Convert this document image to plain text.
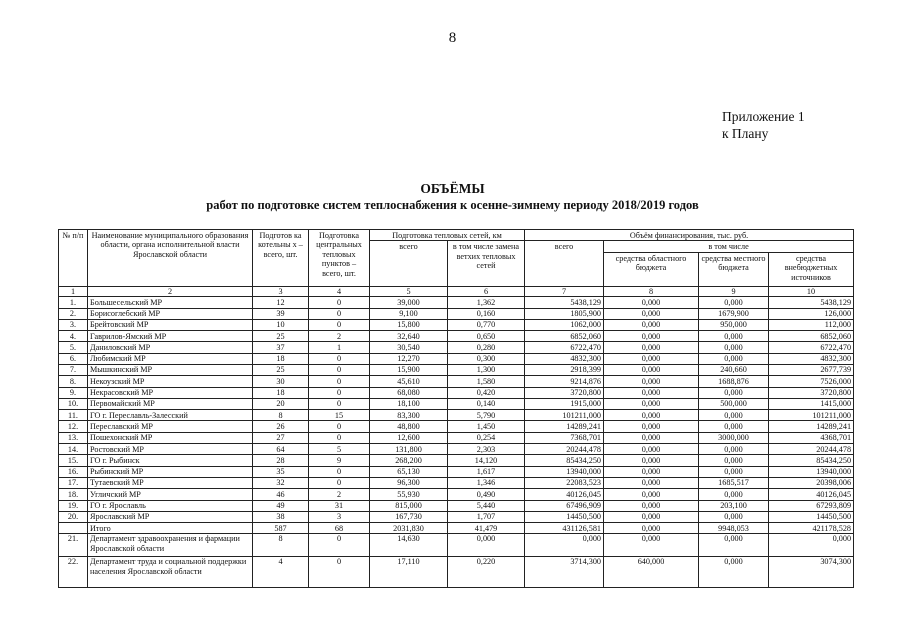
8
Приложение 1
к Плану
ОБЪЁМЫ
работ по подготовке систем теплоснабжения к осенне-зимнему периоду 2018/2019 годов
№ п/п	Наименование муниципального образования области, органа исполнительной власти Ярославской области	Подготов ка котельны х – всего, шт.	Подготовка центральных тепловых пунктов – всего, шт.	Подготовка тепловых сетей, км		Объём финансирования, тыс. руб.			
				всего	в том числе замена ветхих тепловых сетей	всего	в том числе		
							средства областного бюджета	средства местного бюджета	средства внебюджетных источников
1	2	3	4	5	6	7	8	9	10
1.	Большесельский МР	12	0	39,000	1,362	5438,129	0,000	0,000	5438,129
2.	Борисоглебский МР	39	0	9,100	0,160	1805,900	0,000	1679,900	126,000
3.	Брейтовский МР	10	0	15,800	0,770	1062,000	0,000	950,000	112,000
4.	Гаврилов-Ямский МР	25	2	32,640	0,650	6852,060	0,000	0,000	6852,060
5.	Даниловский МР	37	1	30,540	0,280	6722,470	0,000	0,000	6722,470
6.	Любимский МР	18	0	12,270	0,300	4832,300	0,000	0,000	4832,300
7.	Мышкинский МР	25	0	15,900	1,300	2918,399	0,000	240,660	2677,739
8.	Некоузский МР	30	0	45,610	1,580	9214,876	0,000	1688,876	7526,000
9.	Некрасовский МР	18	0	68,080	0,420	3720,800	0,000	0,000	3720,800
10.	Первомайский МР	20	0	18,100	0,140	1915,000	0,000	500,000	1415,000
11.	ГО г. Переславль-Залесский	8	15	83,300	5,790	101211,000	0,000	0,000	101211,000
12.	Переславский МР	26	0	48,800	1,450	14289,241	0,000	0,000	14289,241
13.	Пошехонский МР	27	0	12,600	0,254	7368,701	0,000	3000,000	4368,701
14.	Ростовский МР	64	5	131,800	2,303	20244,478	0,000	0,000	20244,478
15.	ГО г. Рыбинск	28	9	268,200	14,120	85434,250	0,000	0,000	85434,250
16.	Рыбинский МР	35	0	65,130	1,617	13940,000	0,000	0,000	13940,000
17.	Тутаевский МР	32	0	96,300	1,346	22083,523	0,000	1685,517	20398,006
18.	Угличский МР	46	2	55,930	0,490	40126,045	0,000	0,000	40126,045
19.	ГО г. Ярославль	49	31	815,000	5,440	67496,909	0,000	203,100	67293,809
20.	Ярославский МР	38	3	167,730	1,707	14450,500	0,000	0,000	14450,500
	Итого	587	68	2031,830	41,479	431126,581	0,000	9948,053	421178,528
21.	Департамент здравоохранения и фармации Ярославской области	8	0	14,630	0,000	0,000	0,000	0,000	0,000
22.	Департамент труда и социальной поддержки населения Ярославской области	4	0	17,110	0,220	3714,300	640,000	0,000	3074,300
